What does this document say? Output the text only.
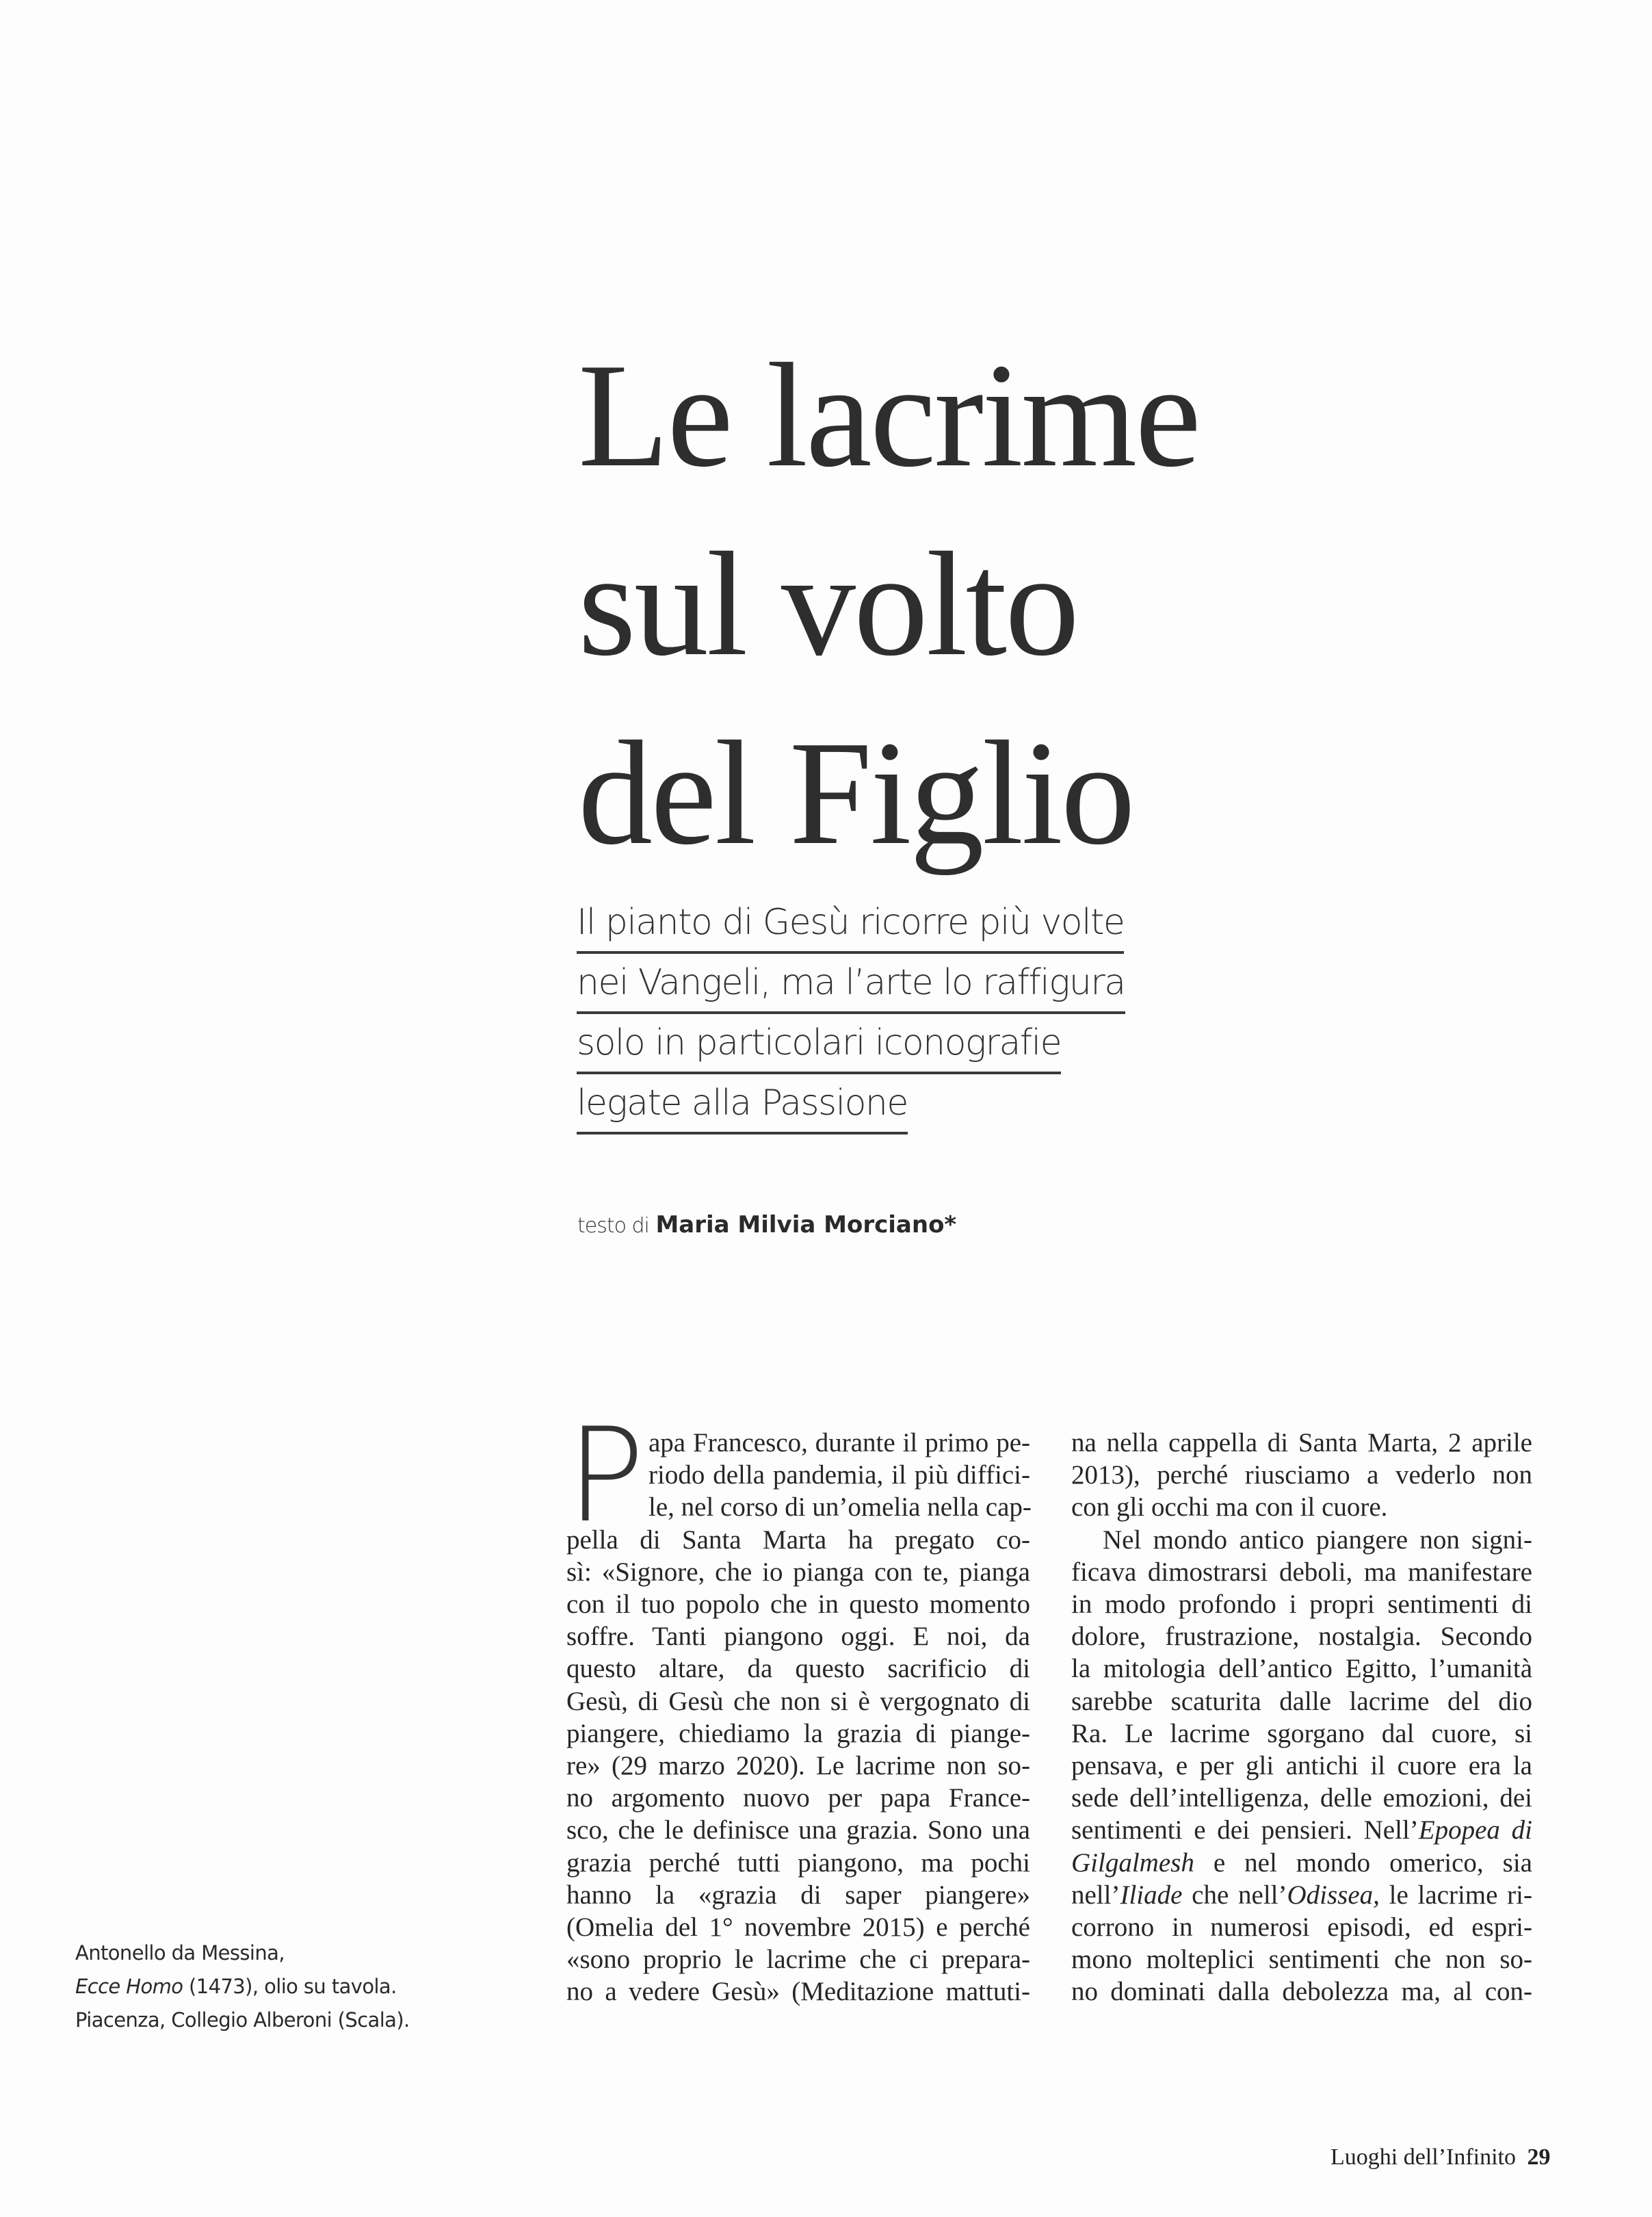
Le lacrime
sul volto
del Figlio
Il pianto di Gesù ricorre più volte
nei Vangeli, ma l’arte lo raffigura
solo in particolari iconografie
legate alla Passione
testo di Maria Milvia Morciano*
Antonello da Messina,
Ecce Homo (1473), olio su tavola.
Piacenza, Collegio Alberoni (Scala).
P apa Francesco, durante il primo pe-
riodo della pandemia, il più diffici-
le, nel corso di un’omelia nella cap-
pella di Santa Marta ha pregato co-
sì: «Signore, che io pianga con te, pianga
con il tuo popolo che in questo momento
soffre. Tanti piangono oggi. E noi, da
questo altare, da questo sacrificio di
Gesù, di Gesù che non si è vergognato di
piangere, chiediamo la grazia di piange-
re» (29 marzo 2020). Le lacrime non so-
no argomento nuovo per papa France-
sco, che le definisce una grazia. Sono una
grazia perché tutti piangono, ma pochi
hanno la «grazia di saper piangere»
(Omelia del 1° novembre 2015) e perché
«sono proprio le lacrime che ci prepara-
no a vedere Gesù» (Meditazione mattuti-
na nella cappella di Santa Marta, 2 aprile
2013), perché riusciamo a vederlo non
con gli occhi ma con il cuore.
Nel mondo antico piangere non signi-
ficava dimostrarsi deboli, ma manifestare
in modo profondo i propri sentimenti di
dolore, frustrazione, nostalgia. Secondo
la mitologia dell’antico Egitto, l’umanità
sarebbe scaturita dalle lacrime del dio
Ra. Le lacrime sgorgano dal cuore, si
pensava, e per gli antichi il cuore era la
sede dell’intelligenza, delle emozioni, dei
sentimenti e dei pensieri. Nell’Epopea di
Gilgalmesh e nel mondo omerico, sia
nell’Iliade che nell’Odissea, le lacrime ri-
corrono in numerosi episodi, ed espri-
mono molteplici sentimenti che non so-
no dominati dalla debolezza ma, al con-
Luoghi dell’Infinito 29
